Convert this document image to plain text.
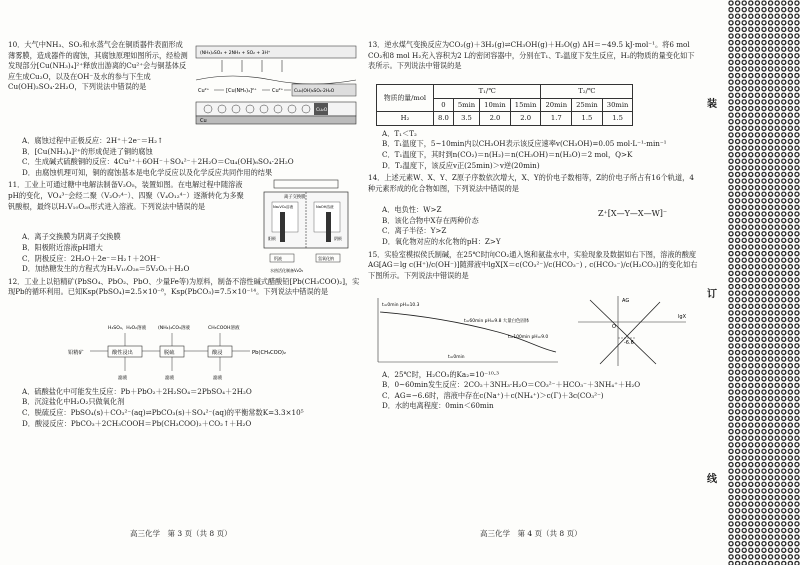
10．大气中NH₃、SO₂和水蒸气会在铜质器件表面形成薄雾膜，造成器件的腐蚀，其腐蚀原理如图所示，经检测发现部分[Cu(NH₃)₄]²⁺释放出游离的Cu²⁺会与铜基体反应生成Cu₂O，以及在OH⁻及水的参与下生成Cu(OH)₂SO₄·2H₂O，下列说法中错误的是
(NH₃)₂SO₄ + 2NH₃ + SO₂ + 3H⁺
Cu²⁺	[Cu(NH₃)₄]²⁺	Cu²⁺ Cu₄(OH)₆SO₄·2H₂O
Cu₂O
Cu
A．腐蚀过程中正极反应：2H⁺＋2e⁻＝H₂↑
B．[Cu(NH₃)₄]²⁺的形成促进了铜的腐蚀
C．生成碱式硫酸铜的反应：4Cu²⁺＋6OH⁻＋SO₄²⁻＋2H₂O＝Cu₄(OH)₆SO₄·2H₂O
D．由腐蚀机理可知，铜的腐蚀基本是电化学反应以及化学反应共同作用的结果
11．工业上可通过糖中电解法制备V₂O₅，装置如图。在电解过程中随溶液pH的变化，VO₄³⁻会经二聚（V₂O₇⁴⁻）、四聚（V₄O₁₂⁴⁻）逐渐转化为多聚钒酸根，最终以H₂V₁₀O₂₈形式进入溶液。下列说法中错误的是
离子交换膜
Na₃VO₄溶液	NaOH溶液
阳极	阴极
钒液	氢氧化钠
水热活化制备V₂O₅
A．离子交换膜为阴离子交换膜
B．阳极附近溶液pH增大
C．阴极反应：2H₂O＋2e⁻＝H₂↑＋2OH⁻
D．加热糖发生的方程式为H₂V₁₀O₂₈＝5V₂O₅＋H₂O
12．工业上以铅精矿(PbSO₄、PbO₂、PbO、少量Fe等)为原料，制备不溶性碱式醋酸铅[Pb(CH₃COO)₂]，实现Pb的循环利用。已知Ksp(PbSO₄)=2.5×10⁻⁸，Ksp(PbCO₃)=7.5×10⁻¹⁴。下列说法中错误的是
H₂SO₄、H₂O₂溶液	(NH₄)₂CO₃溶液	CH₃COOH溶液
铅精矿	酸性浸出	脱硫	酸浸	Pb(CH₃COO)₂
滤液	滤液	滤液
A．硫酸盐化中可能发生反应：Pb＋PbO₂＋2H₂SO₄＝2PbSO₄＋2H₂O
B．沉淀盐化中H₂O₂只做氧化剂
C．脱硫反应：PbSO₄(s)＋CO₃²⁻(aq)⇌PbCO₃(s)＋SO₄²⁻(aq)的平衡常数K=3.3×10⁵
D．酸浸反应：PbCO₃＋2CH₃COOH＝Pb(CH₃COO)₂＋CO₂↑＋H₂O
高三化学　第 3 页（共 8 页）
13．逆水煤气变换反应为CO₂(g)＋3H₂(g)⇌CH₃OH(g)＋H₂O(g) ΔH＝−49.5 kJ·mol⁻¹。将6 mol CO₂和8 mol H₂充入容积为2 L的密闭容器中，分别在T₁、T₂温度下发生反应，H₂的物质的量变化如下表所示。下列说法中错误的是
物质的量/mol	T₁/℃				T₂/℃		
	0	5min	10min	15min	20min	25min	30min
H₂	8.0	3.5	2.0	2.0	1.7	1.5	1.5
A．T₁＜T₂
B．T₁温度下，5~10min内以CH₃OH表示该反应速率v(CH₃OH)=0.05 mol·L⁻¹·min⁻¹
C．T₁温度下，其时到n(CO₂)＝n(H₂)＝n(CH₃OH)＝n(H₂O)＝2 mol，Q>K
D．T₂温度下，该反应v正(25min)＞v逆(20min)
14．上述元素W、X、Y、Z原子序数依次增大，X、Y的价电子数相等，Z的价电子所占有16个轨道，4种元素形成的化合物如图，下列说法中错误的是
Z⁺[X—Y—X—W]⁻
A．电负性：W>Z
B．该化合物中X存在两种价态
C．离子半径：Y>Z
D．氧化物对应的水化物的pH：Z>Y
15．实验室模拟侯氏制碱，在25℃时向CO₂通入饱和氨盐水中，实验现象及数据如右下图，溶液的酸度AG[AG＝lg c(H⁺)/c(OH⁻)]随滞液中lgX[X＝c(CO₃²⁻)/c(HCO₃⁻) , c(HCO₃⁻)/c(H₂CO₃)]的变化如右下图所示。下列说法中错误的是
t=0min pH=10.3
t=60min pH=9.8 大量白色固体
t=100min pH=9.0
t=0min
AG
lgX
O
-6.6
A．25℃时，H₂CO₃的Ka₂=10⁻¹⁰·³
B．0~60min发生反应：2CO₂＋3NH₃·H₂O＝CO₃²⁻＋HCO₃⁻＋3NH₄⁺＋H₂O
C．AG=−6.6时，溶液中存在c(Na⁺)＋c(NH₄⁺)＞c(Γ)＋3c(CO₃²⁻)
D．水的电离程度：0min＜60min
高三化学　第 4 页（共 8 页）
装
订
线
